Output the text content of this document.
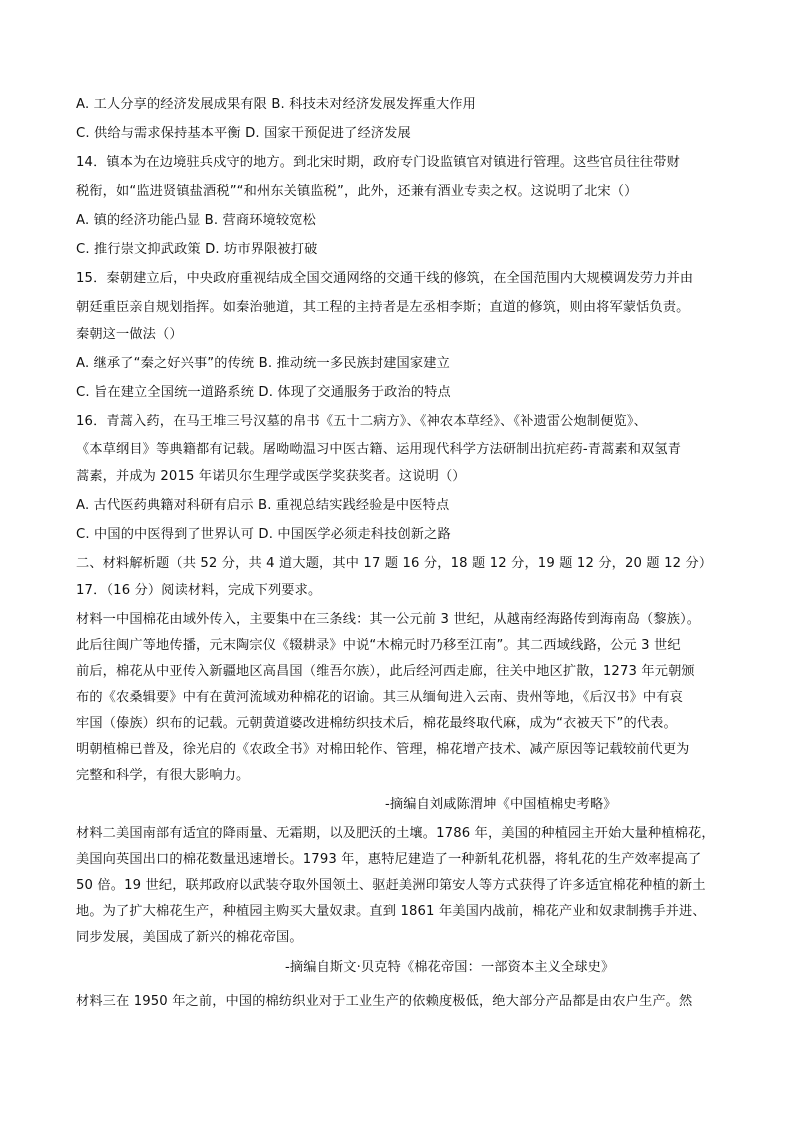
A. 工人分享的经济发展成果有限 B. 科技未对经济发展发挥重大作用
C. 供给与需求保持基本平衡 D. 国家干预促进了经济发展
14．镇本为在边境驻兵戍守的地方。到北宋时期，政府专门设监镇官对镇进行管理。这些官员往往带财
税衔，如“监进贤镇盐酒税”“和州东关镇监税”，此外，还兼有酒业专卖之权。这说明了北宋（）
A. 镇的经济功能凸显 B. 营商环境较宽松
C. 推行崇文抑武政策 D. 坊市界限被打破
15．秦朝建立后，中央政府重视结成全国交通网络的交通干线的修筑，在全国范围内大规模调发劳力并由
朝廷重臣亲自规划指挥。如秦治驰道，其工程的主持者是左丞相李斯；直道的修筑，则由将军蒙恬负责。
秦朝这一做法（）
A. 继承了“秦之好兴事”的传统 B. 推动统一多民族封建国家建立
C. 旨在建立全国统一道路系统 D. 体现了交通服务于政治的特点
16．青蒿入药，在马王堆三号汉墓的帛书《五十二病方》、《神农本草经》、《补遗雷公炮制便览》、
《本草纲目》等典籍都有记载。屠呦呦温习中医古籍、运用现代科学方法研制出抗疟药-青蒿素和双氢青
蒿素，并成为 2015 年诺贝尔生理学或医学奖获奖者。这说明（）
A. 古代医药典籍对科研有启示 B. 重视总结实践经验是中医特点
C. 中国的中医得到了世界认可 D. 中国医学必须走科技创新之路
二、材料解析题（共 52 分，共 4 道大题，其中 17 题 16 分，18 题 12 分，19 题 12 分，20 题 12 分）
17．（16 分）阅读材料，完成下列要求。
材料一中国棉花由域外传入，主要集中在三条线：其一公元前 3 世纪，从越南经海路传到海南岛（黎族）。
此后往闽广等地传播，元末陶宗仪《辍耕录》中说“木棉元时乃移至江南”。其二西域线路，公元 3 世纪
前后，棉花从中亚传入新疆地区高昌国（维吾尔族），此后经河西走廊，往关中地区扩散，1273 年元朝颁
布的《农桑辑要》中有在黄河流域劝种棉花的诏谕。其三从缅甸进入云南、贵州等地，《后汉书》中有哀
牢国（傣族）织布的记载。元朝黄道婆改进棉纺织技术后，棉花最终取代麻，成为“衣被天下”的代表。
明朝植棉已普及，徐光启的《农政全书》对棉田轮作、管理，棉花增产技术、减产原因等记载较前代更为
完整和科学，有很大影响力。
-摘编自刘咸陈渭坤《中国植棉史考略》
材料二美国南部有适宜的降雨量、无霜期，以及肥沃的土壤。1786 年，美国的种植园主开始大量种植棉花，
美国向英国出口的棉花数量迅速增长。1793 年，惠特尼建造了一种新轧花机器，将轧花的生产效率提高了
50 倍。19 世纪，联邦政府以武装夺取外国领土、驱赶美洲印第安人等方式获得了许多适宜棉花种植的新土
地。为了扩大棉花生产，种植园主购买大量奴隶。直到 1861 年美国内战前，棉花产业和奴隶制携手并进、
同步发展，美国成了新兴的棉花帝国。
-摘编自斯文·贝克特《棉花帝国：一部资本主义全球史》
材料三在 1950 年之前，中国的棉纺织业对于工业生产的依赖度极低，绝大部分产品都是由农户生产。然
